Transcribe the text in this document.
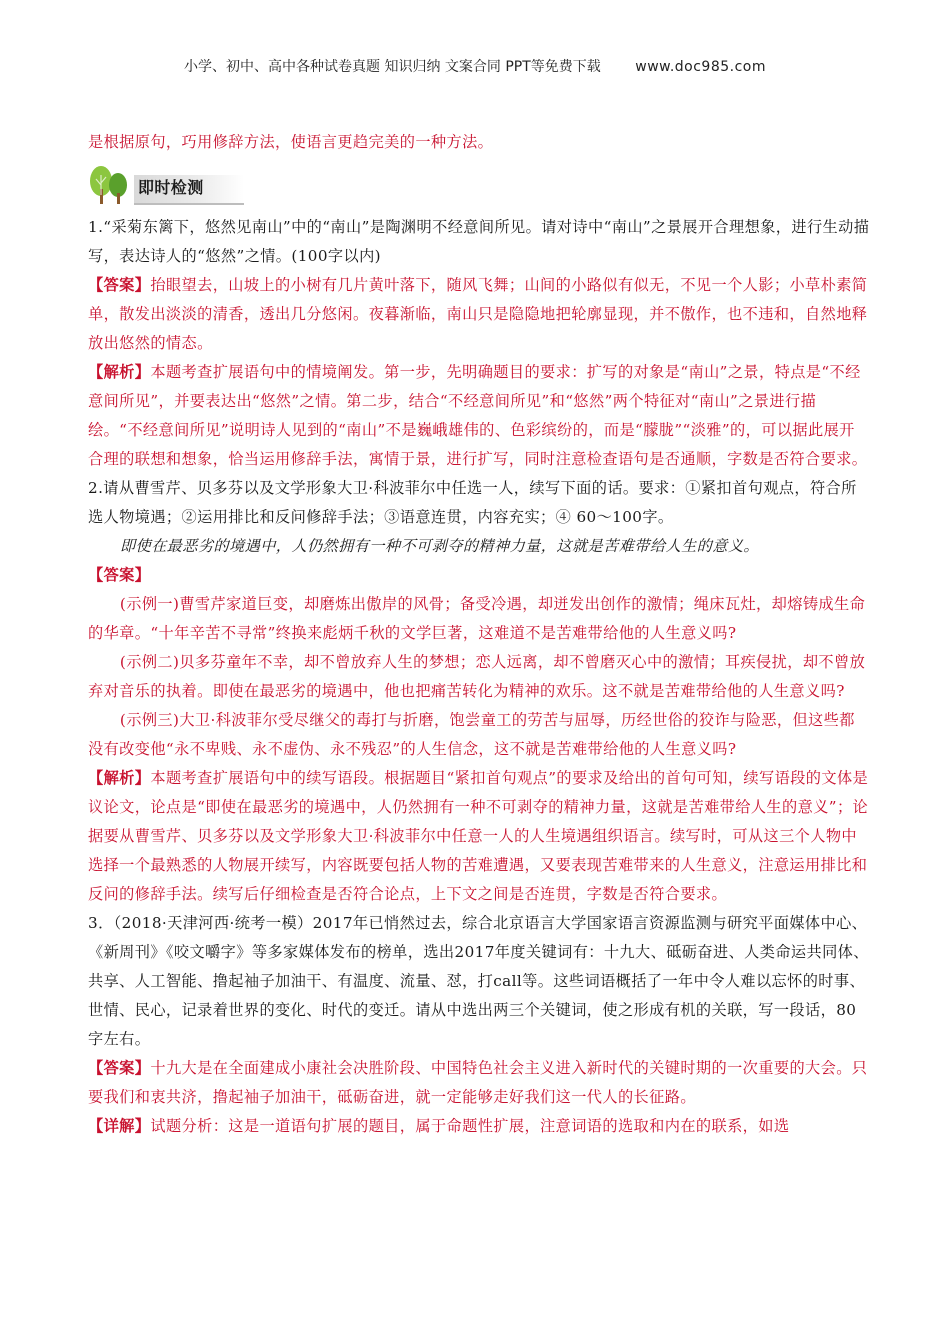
小学、初中、高中各种试卷真题 知识归纳 文案合同 PPT等免费下载 www.doc985.com

是根据原句，巧用修辞方法，使语言更趋完美的一种方法。

即时检测

1.“采菊东篱下，悠然见南山”中的“南山”是陶渊明不经意间所见。请对诗中“南山”之景展开合理想象，进行生动描写，表达诗人的“悠然”之情。(100字以内)

【答案】抬眼望去，山坡上的小树有几片黄叶落下，随风飞舞；山间的小路似有似无，不见一个人影；小草朴素简单，散发出淡淡的清香，透出几分悠闲。夜暮渐临，南山只是隐隐地把轮廓显现，并不傲作，也不违和，自然地释放出悠然的情态。

【解析】本题考查扩展语句中的情境阐发。第一步，先明确题目的要求：扩写的对象是“南山”之景，特点是“不经意间所见”，并要表达出“悠然”之情。第二步，结合“不经意间所见”和“悠然”两个特征对“南山”之景进行描绘。“不经意间所见”说明诗人见到的“南山”不是巍峨雄伟的、色彩缤纷的，而是“朦胧”“淡雅”的，可以据此展开合理的联想和想象，恰当运用修辞手法，寓情于景，进行扩写，同时注意检查语句是否通顺，字数是否符合要求。

2.请从曹雪芹、贝多芬以及文学形象大卫·科波菲尔中任选一人，续写下面的话。要求：①紧扣首句观点，符合所选人物境遇；②运用排比和反问修辞手法；③语意连贯，内容充实；④ 60～100字。

即使在最恶劣的境遇中，人仍然拥有一种不可剥夺的精神力量，这就是苦难带给人生的意义。

【答案】

(示例一)曹雪芹家道巨变，却磨炼出傲岸的风骨；备受冷遇，却迸发出创作的激情；绳床瓦灶，却熔铸成生命的华章。“十年辛苦不寻常”终换来彪炳千秋的文学巨著，这难道不是苦难带给他的人生意义吗?

(示例二)贝多芬童年不幸，却不曾放弃人生的梦想；恋人远离，却不曾磨灭心中的激情；耳疾侵扰，却不曾放弃对音乐的执着。即使在最恶劣的境遇中，他也把痛苦转化为精神的欢乐。这不就是苦难带给他的人生意义吗?

(示例三)大卫·科波菲尔受尽继父的毒打与折磨，饱尝童工的劳苦与屈辱，历经世俗的狡诈与险恶，但这些都没有改变他“永不卑贱、永不虚伪、永不残忍”的人生信念，这不就是苦难带给他的人生意义吗?

【解析】本题考查扩展语句中的续写语段。根据题目“紧扣首句观点”的要求及给出的首句可知，续写语段的文体是议论文，论点是“即使在最恶劣的境遇中，人仍然拥有一种不可剥夺的精神力量，这就是苦难带给人生的意义”；论据要从曹雪芹、贝多芬以及文学形象大卫·科波菲尔中任意一人的人生境遇组织语言。续写时，可从这三个人物中选择一个最熟悉的人物展开续写，内容既要包括人物的苦难遭遇，又要表现苦难带来的人生意义，注意运用排比和反问的修辞手法。续写后仔细检查是否符合论点，上下文之间是否连贯，字数是否符合要求。

3．（2018·天津河西·统考一模）2017年已悄然过去，综合北京语言大学国家语言资源监测与研究平面媒体中心、《新周刊》《咬文嚼字》等多家媒体发布的榜单，选出2017年度关键词有：十九大、砥砺奋进、人类命运共同体、共享、人工智能、撸起袖子加油干、有温度、流量、怼，打call等。这些词语概括了一年中令人难以忘怀的时事、世情、民心，记录着世界的变化、时代的变迁。请从中选出两三个关键词，使之形成有机的关联，写一段话，80字左右。

【答案】十九大是在全面建成小康社会决胜阶段、中国特色社会主义进入新时代的关键时期的一次重要的大会。只要我们和衷共济，撸起袖子加油干，砥砺奋进，就一定能够走好我们这一代人的长征路。

【详解】试题分析：这是一道语句扩展的题目，属于命题性扩展，注意词语的选取和内在的联系，如选
